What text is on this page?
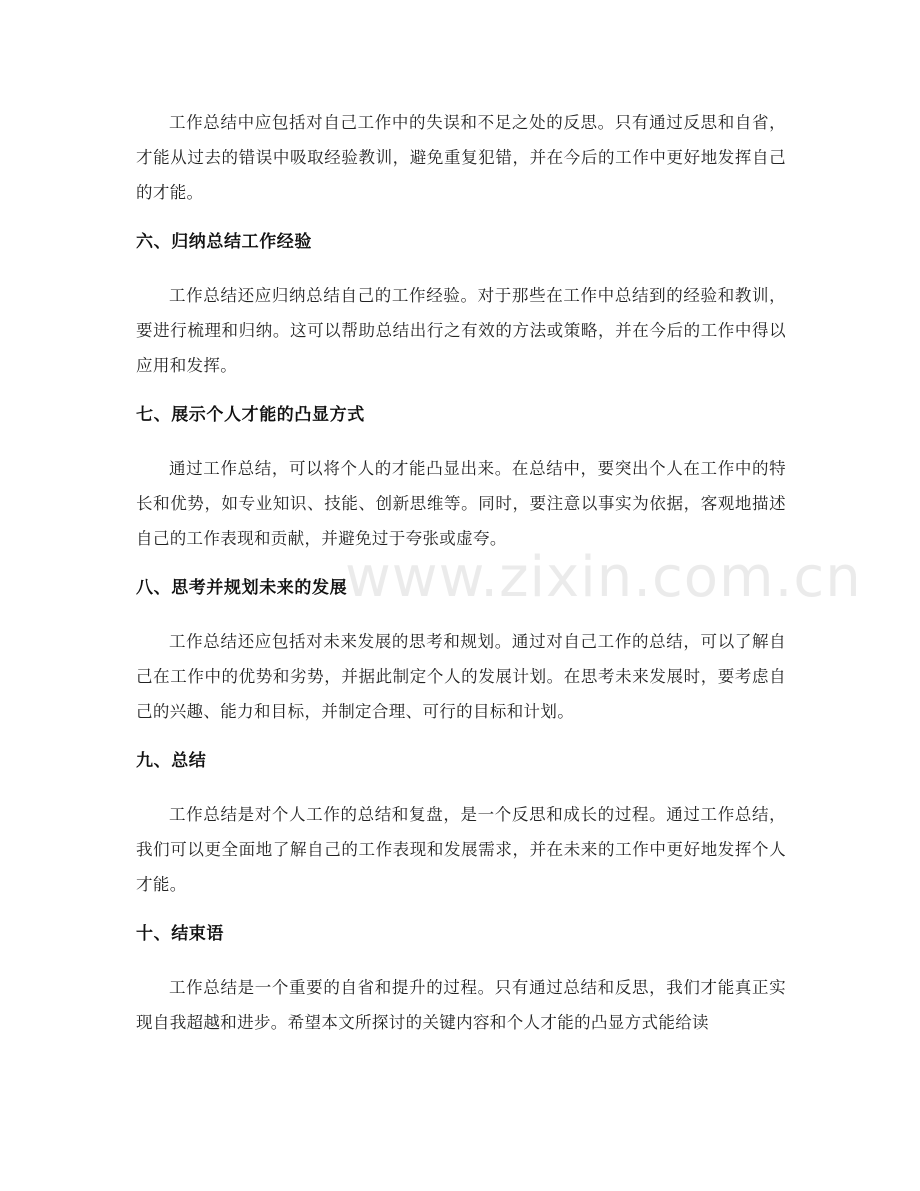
工作总结中应包括对自己工作中的失误和不足之处的反思。只有通过反思和自省，才能从过去的错误中吸取经验教训，避免重复犯错，并在今后的工作中更好地发挥自己的才能。

六、归纳总结工作经验

工作总结还应归纳总结自己的工作经验。对于那些在工作中总结到的经验和教训，要进行梳理和归纳。这可以帮助总结出行之有效的方法或策略，并在今后的工作中得以应用和发挥。

七、展示个人才能的凸显方式

通过工作总结，可以将个人的才能凸显出来。在总结中，要突出个人在工作中的特长和优势，如专业知识、技能、创新思维等。同时，要注意以事实为依据，客观地描述自己的工作表现和贡献，并避免过于夸张或虚夸。

八、思考并规划未来的发展

工作总结还应包括对未来发展的思考和规划。通过对自己工作的总结，可以了解自己在工作中的优势和劣势，并据此制定个人的发展计划。在思考未来发展时，要考虑自己的兴趣、能力和目标，并制定合理、可行的目标和计划。

九、总结

工作总结是对个人工作的总结和复盘，是一个反思和成长的过程。通过工作总结，我们可以更全面地了解自己的工作表现和发展需求，并在未来的工作中更好地发挥个人才能。

十、结束语

工作总结是一个重要的自省和提升的过程。只有通过总结和反思，我们才能真正实现自我超越和进步。希望本文所探讨的关键内容和个人才能的凸显方式能给读

www.zixin.com.cn
